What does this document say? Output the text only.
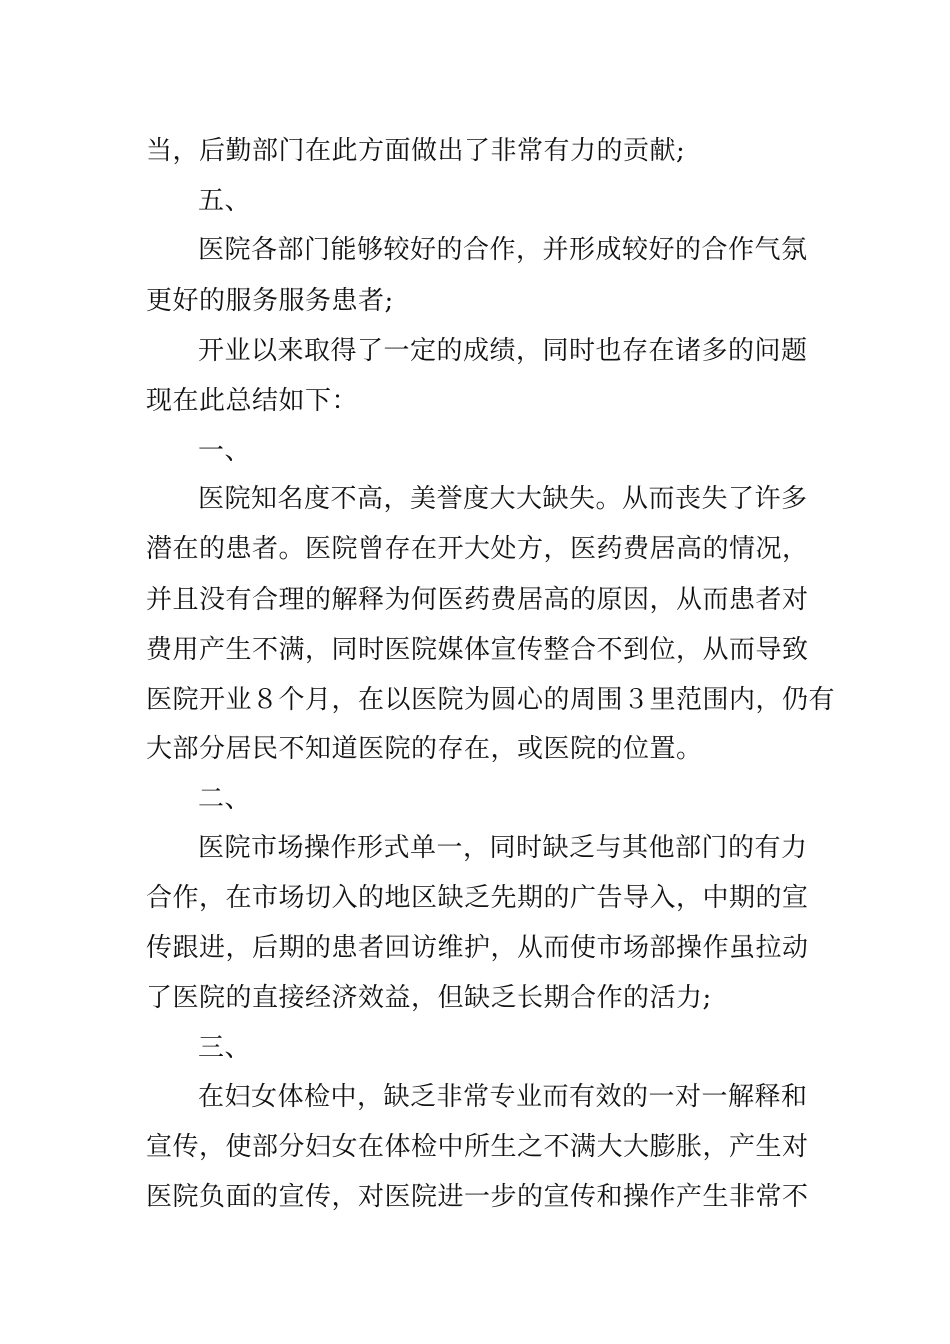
当，后勤部门在此方面做出了非常有力的贡献;
五、
医院各部门能够较好的合作，并形成较好的合作气氛
更好的服务服务患者;
开业以来取得了一定的成绩，同时也存在诸多的问题
现在此总结如下：
一、
医院知名度不高，美誉度大大缺失。从而丧失了许多
潜在的患者。医院曾存在开大处方，医药费居高的情况，
并且没有合理的解释为何医药费居高的原因，从而患者对
费用产生不满，同时医院媒体宣传整合不到位，从而导致
医院开业８个月，在以医院为圆心的周围３里范围内，仍有
大部分居民不知道医院的存在，或医院的位置。
二、
医院市场操作形式单一，同时缺乏与其他部门的有力
合作，在市场切入的地区缺乏先期的广告导入，中期的宣
传跟进，后期的患者回访维护，从而使市场部操作虽拉动
了医院的直接经济效益，但缺乏长期合作的活力;
三、
在妇女体检中，缺乏非常专业而有效的一对一解释和
宣传，使部分妇女在体检中所生之不满大大膨胀，产生对
医院负面的宣传，对医院进一步的宣传和操作产生非常不
